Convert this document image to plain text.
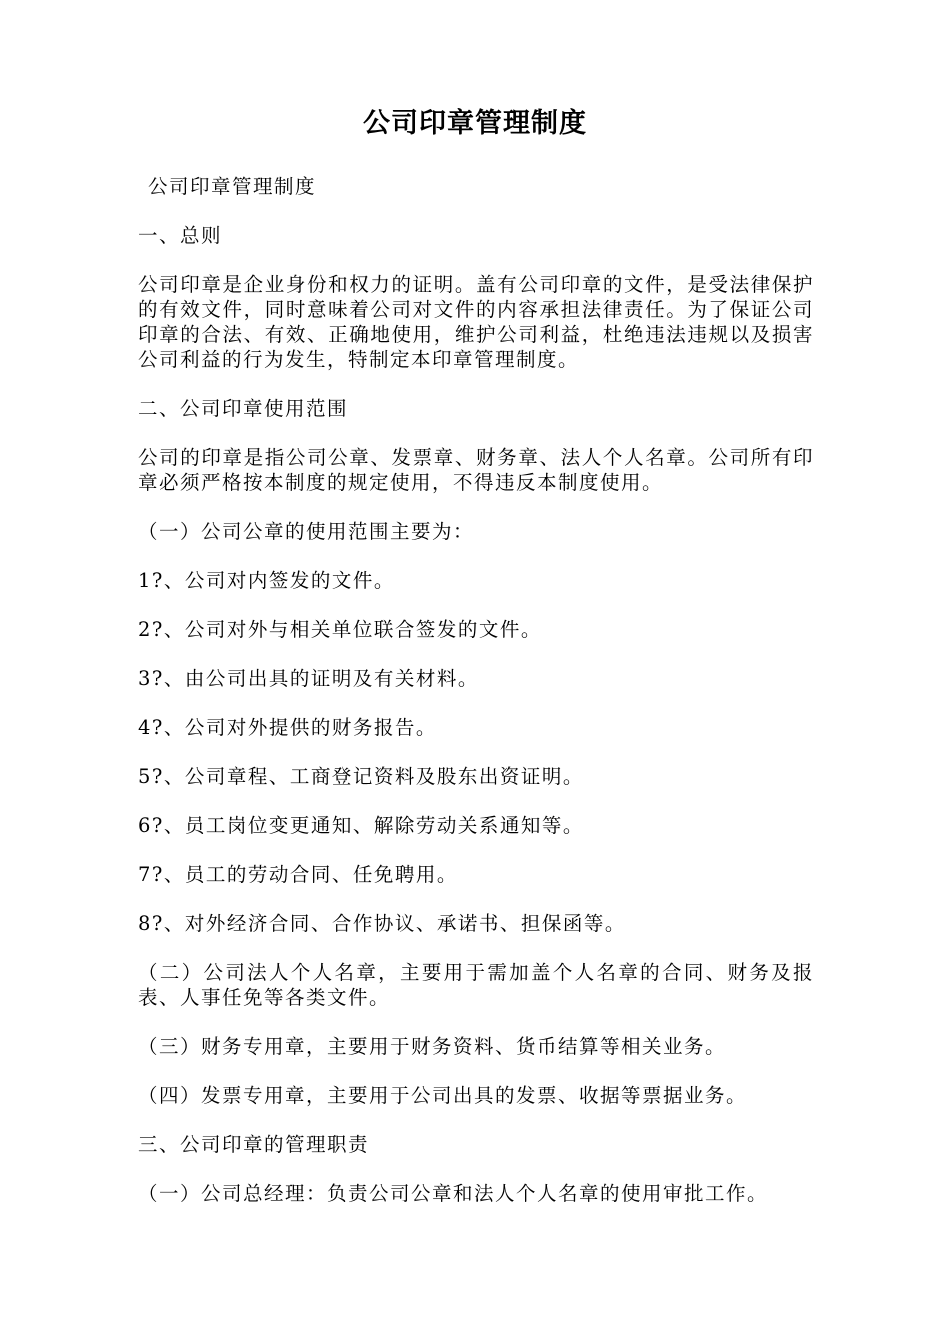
公司印章管理制度

公司印章管理制度

一、总则

公司印章是企业身份和权力的证明。盖有公司印章的文件，是受法律保护的有效文件，同时意味着公司对文件的内容承担法律责任。为了保证公司印章的合法、有效、正确地使用，维护公司利益，杜绝违法违规以及损害公司利益的行为发生，特制定本印章管理制度。

二、公司印章使用范围

公司的印章是指公司公章、发票章、财务章、法人个人名章。公司所有印章必须严格按本制度的规定使用，不得违反本制度使用。

（一）公司公章的使用范围主要为：

1?、公司对内签发的文件。

2?、公司对外与相关单位联合签发的文件。

3?、由公司出具的证明及有关材料。

4?、公司对外提供的财务报告。

5?、公司章程、工商登记资料及股东出资证明。

6?、员工岗位变更通知、解除劳动关系通知等。

7?、员工的劳动合同、任免聘用。

8?、对外经济合同、合作协议、承诺书、担保函等。

（二）公司法人个人名章，主要用于需加盖个人名章的合同、财务及报表、人事任免等各类文件。

（三）财务专用章，主要用于财务资料、货币结算等相关业务。

（四）发票专用章，主要用于公司出具的发票、收据等票据业务。

三、公司印章的管理职责

（一）公司总经理：负责公司公章和法人个人名章的使用审批工作。
